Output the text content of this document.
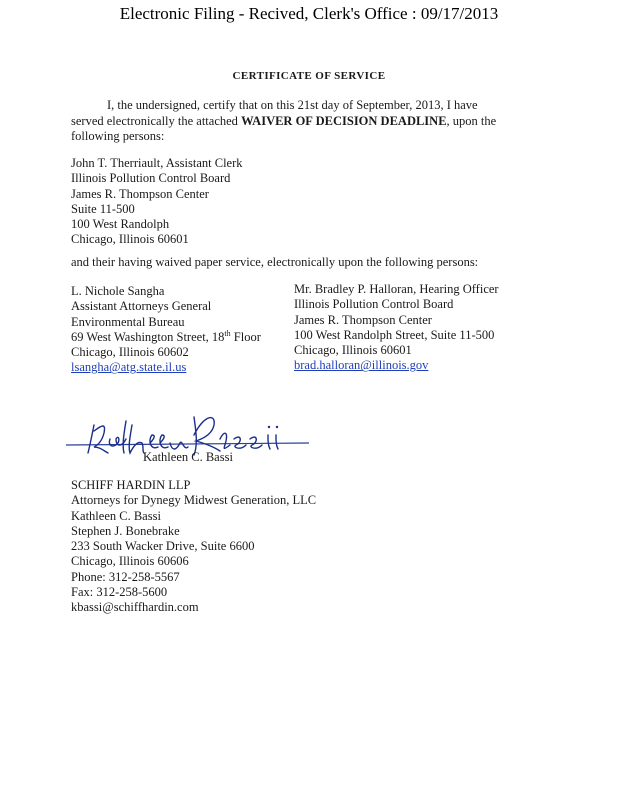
Electronic Filing - Recived, Clerk's Office : 09/17/2013
CERTIFICATE OF SERVICE
I, the undersigned, certify that on this 21st day of September, 2013, I have served electronically the attached WAIVER OF DECISION DEADLINE, upon the following persons:
John T. Therriault, Assistant Clerk
Illinois Pollution Control Board
James R. Thompson Center
Suite 11-500
100 West Randolph
Chicago, Illinois 60601
and their having waived paper service, electronically upon the following persons:
L. Nichole Sangha
Assistant Attorneys General
Environmental Bureau
69 West Washington Street, 18th Floor
Chicago, Illinois 60602
lsangha@atg.state.il.us
Mr. Bradley P. Halloran, Hearing Officer
Illinois Pollution Control Board
James R. Thompson Center
100 West Randolph Street, Suite 11-500
Chicago, Illinois 60601
brad.halloran@illinois.gov
Kathleen C. Bassi
SCHIFF HARDIN LLP
Attorneys for Dynegy Midwest Generation, LLC
Kathleen C. Bassi
Stephen J. Bonebrake
233 South Wacker Drive, Suite 6600
Chicago, Illinois 60606
Phone: 312-258-5567
Fax: 312-258-5600
kbassi@schiffhardin.com
